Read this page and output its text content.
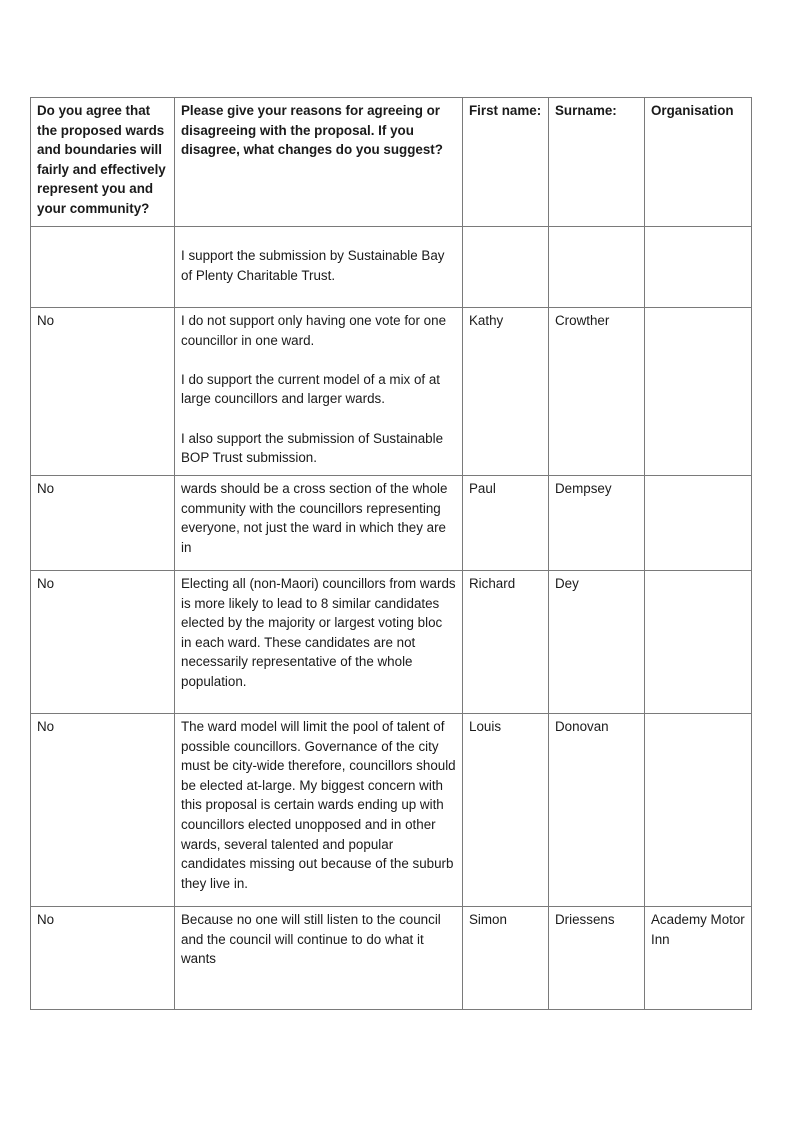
Do you agree that the proposed wards and boundaries will fairly and effectively represent you and your community?	Please give your reasons for agreeing or disagreeing with the proposal. If you disagree, what changes do you suggest?	First name:	Surname:	Organisation

	I support the submission by Sustainable Bay of Plenty Charitable Trust.			

No	I do not support only having one vote for one councillor in one ward.

I do support the current model of a mix of at large councillors and larger wards.

I also support the submission of Sustainable BOP Trust submission.	Kathy	Crowther	
No	wards should be a cross section of the whole community with the councillors representing everyone, not just the ward in which they are in	Paul	Dempsey	
No	Electing all (non-Maori) councillors from wards is more likely to lead to 8 similar candidates elected by the majority or largest voting bloc in each ward. These candidates are not necessarily representative of the whole population.	Richard	Dey	
No	The ward model will limit the pool of talent of possible councillors. Governance of the city must be city-wide therefore, councillors should be elected at-large. My biggest concern with this proposal is certain wards ending up with councillors elected unopposed and in other wards, several talented and popular candidates missing out because of the suburb they live in.	Louis	Donovan	
No	Because no one will still listen to the council and the council will continue to do what it wants	Simon	Driessens	Academy Motor Inn
